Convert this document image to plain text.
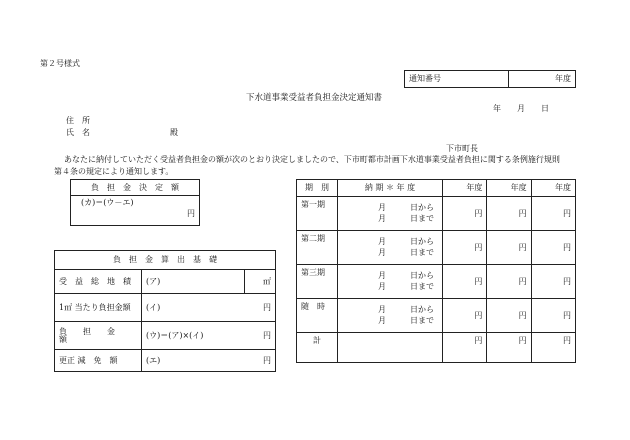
第２号様式
通知番号	年度
下水道事業受益者負担金決定通知書
年　　月　　日
住　所
氏　名	殿
下市町長
あなたに納付していただく受益者負担金の額が次のとおり決定しましたので、下市町都市計画下水道事業受益者負担に関する条例施行規則
第４条の規定により通知します。
負　担　金　決　定　額

(カ)＝(ウ－エ)
円
負　担　金　算　出　基　礎		
受　益　総　地　積	(ア)	㎡
1㎡ 当たり負担金額	(イ)	円
負　　担　　金　　額	(ウ)＝(ア)×(イ)	円
更正 減　免　額	(エ)	円
期　別	納 期 ＊ 年 度	年度	年度	年度
第一期	月 日から
月 日まで	円	円	円
第二期	月 日から
月 日まで	円	円	円
第三期	月 日から
月 日まで	円	円	円
随　時	月 日から
月 日まで	円	円	円
計		円	円	円
